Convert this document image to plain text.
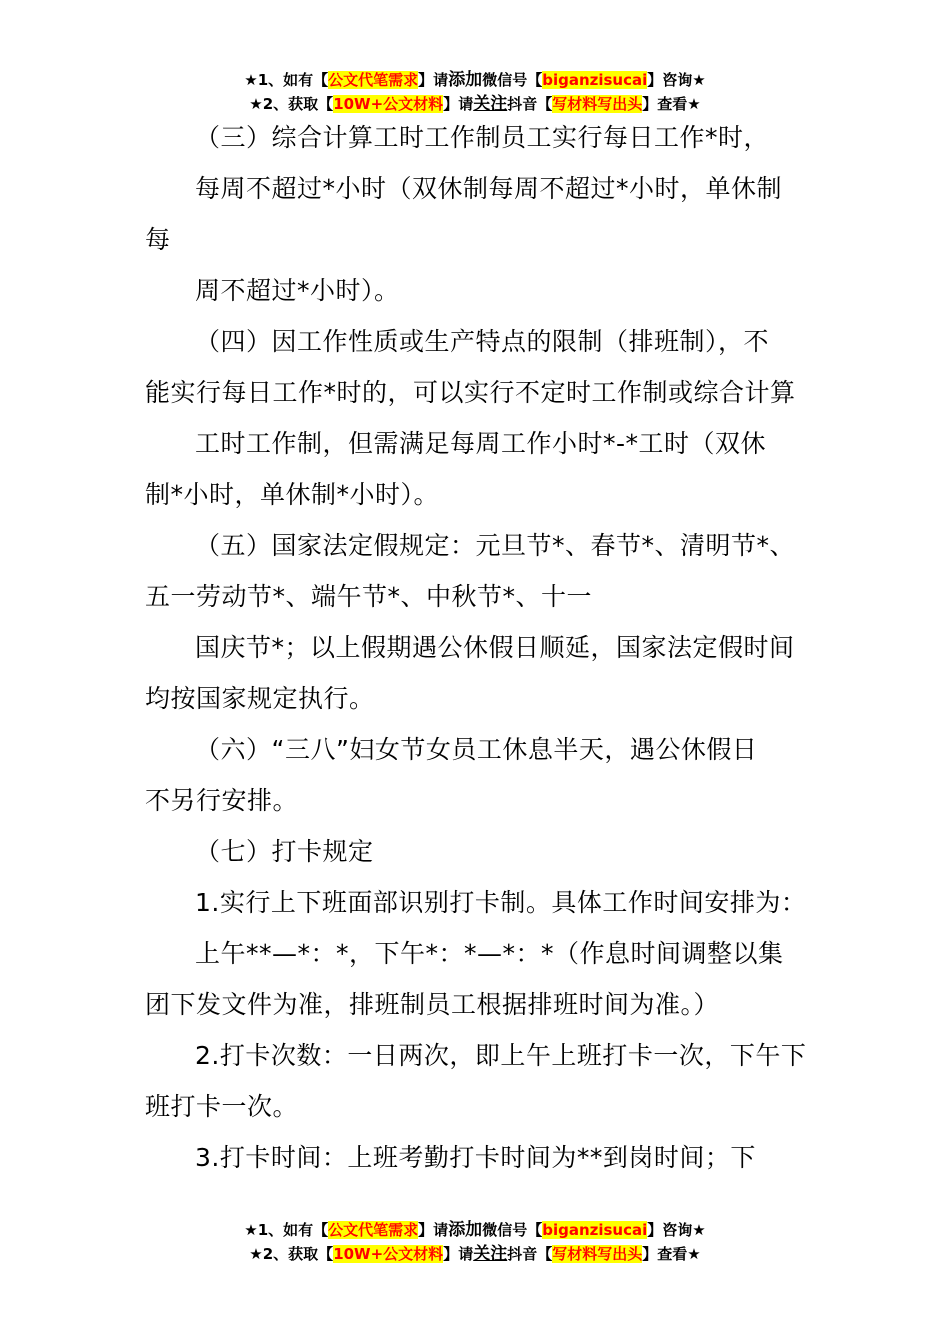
★1、如有【公文代笔需求】请添加微信号【biganzisucai】咨询★
★2、获取【10W+公文材料】请关注抖音【写材料写出头】查看★
（三）综合计算工时工作制员工实行每日工作*时，
每周不超过*小时（双休制每周不超过*小时，单休制
每
周不超过*小时）。
（四）因工作性质或生产特点的限制（排班制），不
能实行每日工作*时的，可以实行不定时工作制或综合计算
工时工作制，但需满足每周工作小时*-*工时（双休
制*小时，单休制*小时）。
（五）国家法定假规定：元旦节*、春节*、清明节*、
五一劳动节*、端午节*、中秋节*、十一
国庆节*；以上假期遇公休假日顺延，国家法定假时间
均按国家规定执行。
（六）“三八”妇女节女员工休息半天，遇公休假日
不另行安排。
（七）打卡规定
1.实行上下班面部识别打卡制。具体工作时间安排为：
上午**—*：*，下午*：*—*：*（作息时间调整以集
团下发文件为准，排班制员工根据排班时间为准。）
2.打卡次数：一日两次，即上午上班打卡一次，下午下
班打卡一次。
3.打卡时间：上班考勤打卡时间为**到岗时间；下
★1、如有【公文代笔需求】请添加微信号【biganzisucai】咨询★
★2、获取【10W+公文材料】请关注抖音【写材料写出头】查看★
